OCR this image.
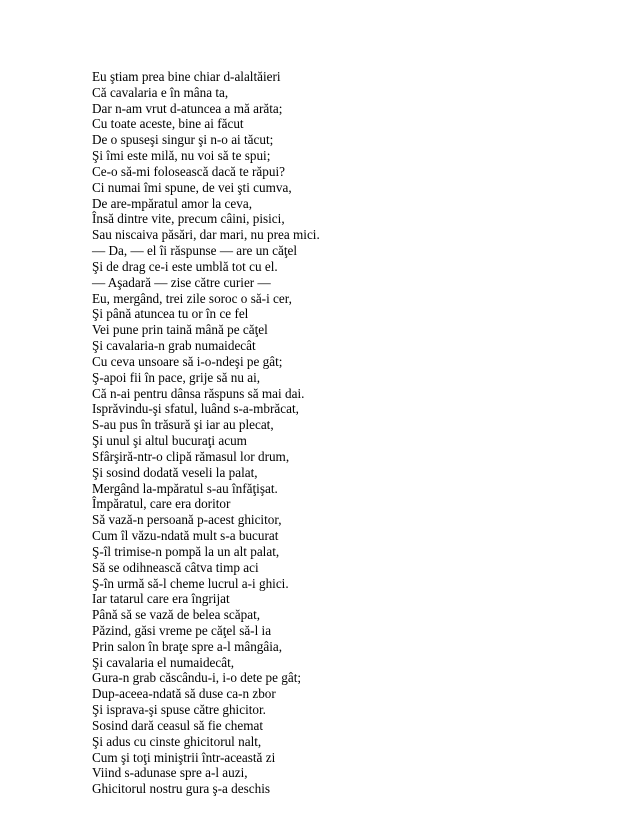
Eu ştiam prea bine chiar d-alaltăieri
Că cavalaria e în mâna ta,
Dar n-am vrut d-atuncea a mă arăta;
Cu toate aceste, bine ai făcut
De o spuseşi singur şi n-o ai tăcut;
Şi îmi este milă, nu voi să te spui;
Ce-o să-mi folosească dacă te răpui?
Ci numai îmi spune, de vei şti cumva,
De are-mpăratul amor la ceva,
Însă dintre vite, precum câini, pisici,
Sau niscaiva păsări, dar mari, nu prea mici.
— Da, — el îi răspunse — are un căţel
Şi de drag ce-i este umblă tot cu el.
— Aşadară — zise către curier —
Eu, mergând, trei zile soroc o să-i cer,
Şi până atuncea tu or în ce fel
Vei pune prin taină mână pe căţel
Şi cavalaria-n grab numaidecât
Cu ceva unsoare să i-o-ndeşi pe gât;
Ş-apoi fii în pace, grije să nu ai,
Că n-ai pentru dânsa răspuns să mai dai.
Isprăvindu-şi sfatul, luând s-a-mbrăcat,
S-au pus în trăsură şi iar au plecat,
Şi unul şi altul bucuraţi acum
Sfârşiră-ntr-o clipă rămasul lor drum,
Şi sosind dodată veseli la palat,
Mergând la-mpăratul s-au înfăţişat.
Împăratul, care era doritor
Să vază-n persoană p-acest ghicitor,
Cum îl văzu-ndată mult s-a bucurat
Ş-îl trimise-n pompă la un alt palat,
Să se odihnească câtva timp aci
Ş-în urmă să-l cheme lucrul a-i ghici.
Iar tatarul care era îngrijat
Până să se vază de belea scăpat,
Păzind, găsi vreme pe căţel să-l ia
Prin salon în braţe spre a-l mângâia,
Şi cavalaria el numaidecât,
Gura-n grab căscându-i, i-o dete pe gât;
Dup-aceea-ndată să duse ca-n zbor
Şi isprava-şi spuse către ghicitor.
Sosind dară ceasul să fie chemat
Şi adus cu cinste ghicitorul nalt,
Cum şi toţi miniştrii într-această zi
Viind s-adunase spre a-l auzi,
Ghicitorul nostru gura ş-a deschis
